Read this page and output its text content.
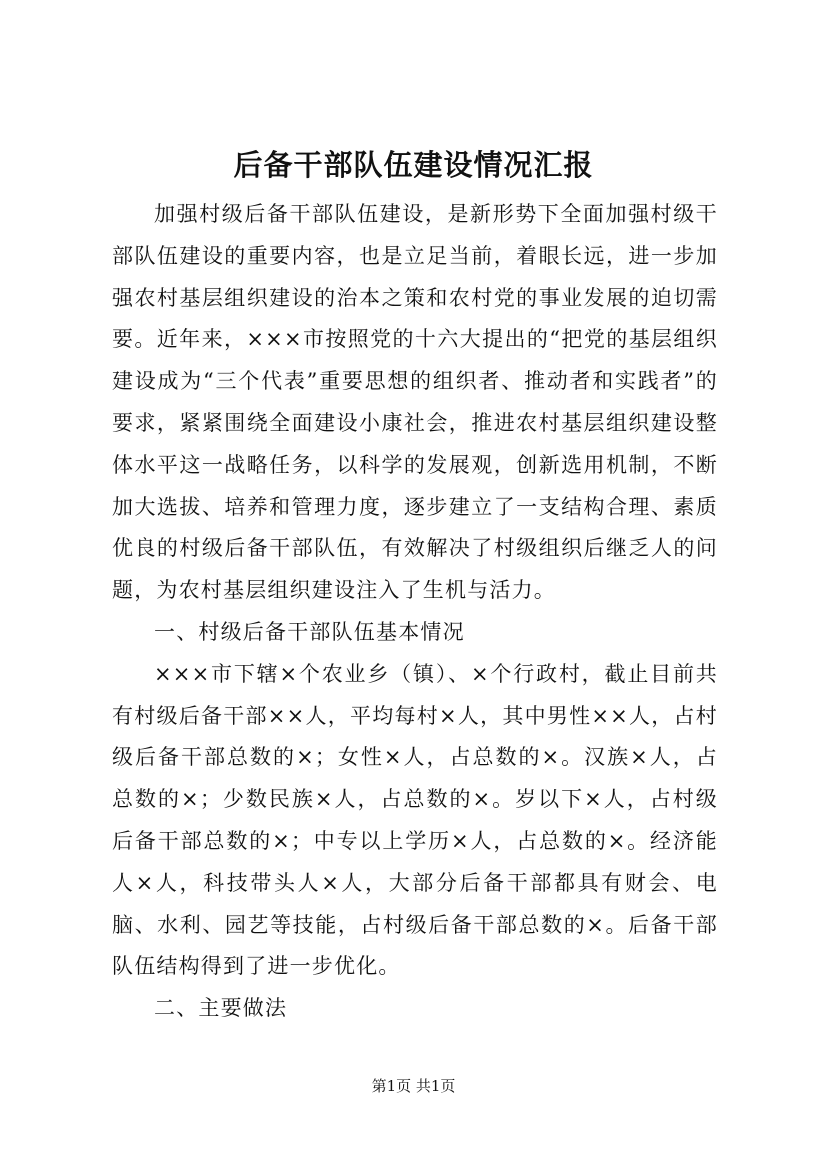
后备干部队伍建设情况汇报

加强村级后备干部队伍建设，是新形势下全面加强村级干部队伍建设的重要内容，也是立足当前，着眼长远，进一步加强农村基层组织建设的治本之策和农村党的事业发展的迫切需要。近年来，×××市按照党的十六大提出的“把党的基层组织建设成为“三个代表”重要思想的组织者、推动者和实践者”的要求，紧紧围绕全面建设小康社会，推进农村基层组织建设整体水平这一战略任务，以科学的发展观，创新选用机制，不断加大选拔、培养和管理力度，逐步建立了一支结构合理、素质优良的村级后备干部队伍，有效解决了村级组织后继乏人的问题，为农村基层组织建设注入了生机与活力。

一、村级后备干部队伍基本情况

×××市下辖×个农业乡（镇）、×个行政村，截止目前共有村级后备干部××人，平均每村×人，其中男性××人，占村级后备干部总数的×；女性×人，占总数的×。汉族×人，占总数的×；少数民族×人，占总数的×。岁以下×人，占村级后备干部总数的×；中专以上学历×人，占总数的×。经济能人×人，科技带头人×人，大部分后备干部都具有财会、电脑、水利、园艺等技能，占村级后备干部总数的×。后备干部队伍结构得到了进一步优化。

二、主要做法

第1页 共1页
